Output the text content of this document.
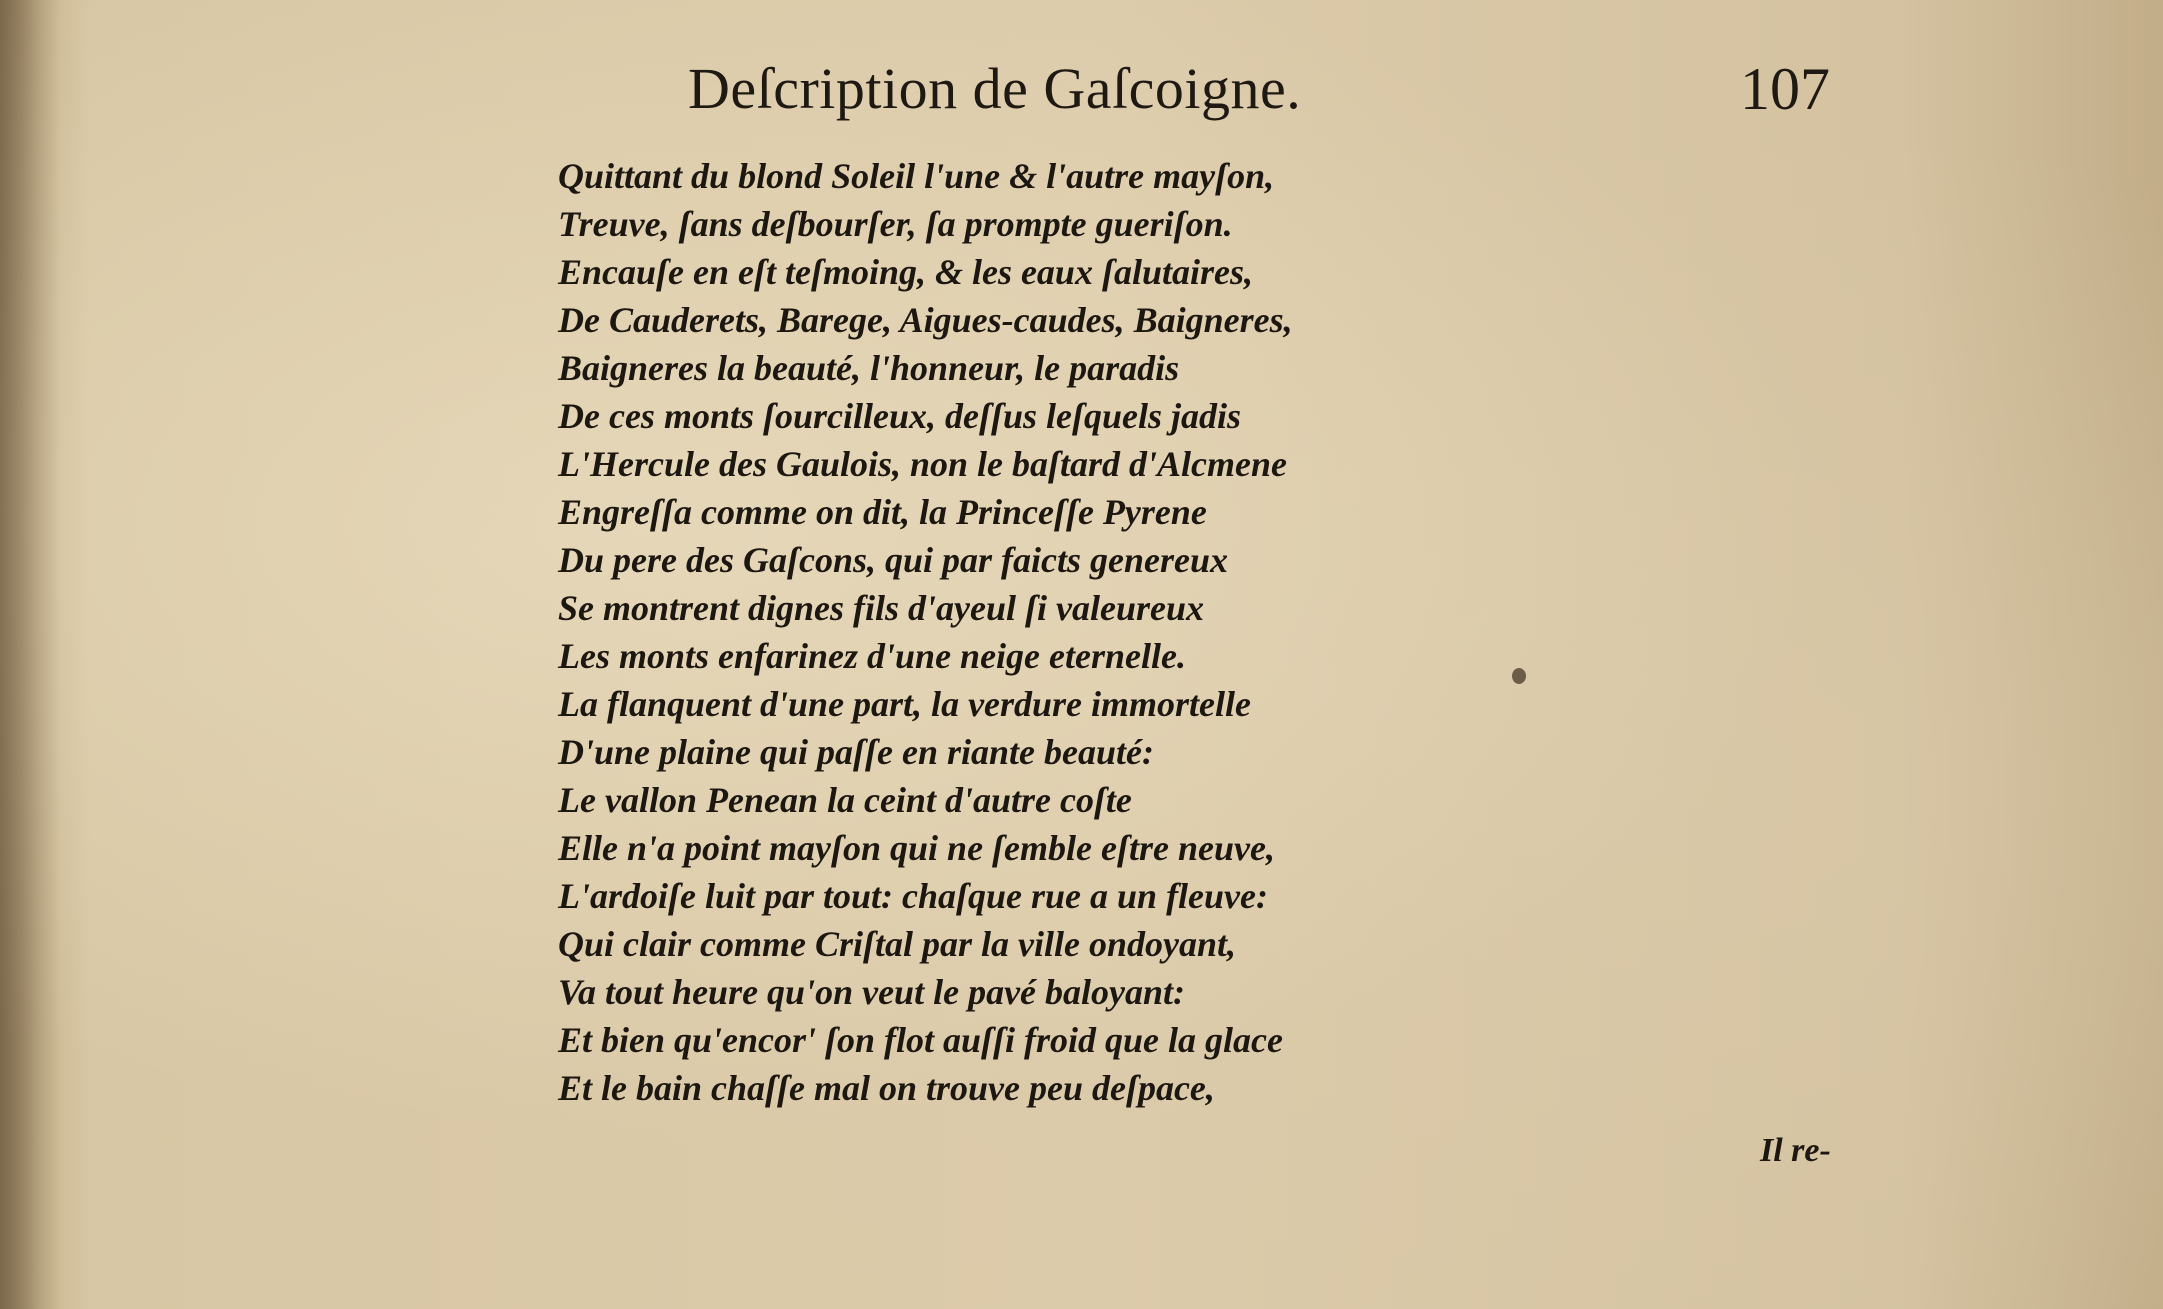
Deſcription de Gaſcoigne.	107
Quittant du blond Soleil l'une & l'autre mayſon,
Treuve, ſans deſbourſer, ſa prompte gueriſon.
Encauſe en eſt teſmoing, & les eaux ſalutaires,
De Cauderets, Barege, Aigues-caudes, Baigneres,
Baigneres la beauté, l'honneur, le paradis
De ces monts ſourcilleux, deſſus leſquels jadis
L'Hercule des Gaulois, non le baſtard d'Alcmene
Engreſſa comme on dit, la Princeſſe Pyrene
Du pere des Gaſcons, qui par faicts genereux
Se montrent dignes fils d'ayeul ſi valeureux
Les monts enfarinez d'une neige eternelle.
La flanquent d'une part, la verdure immortelle
D'une plaine qui paſſe en riante beauté:
Le vallon Penean la ceint d'autre coſte
Elle n'a point mayſon qui ne ſemble eſtre neuve,
L'ardoiſe luit par tout: chaſque rue a un fleuve:
Qui clair comme Criſtal par la ville ondoyant,
Va tout heure qu'on veut le pavé baloyant:
Et bien qu'encor' ſon flot auſſi froid que la glace
Et le bain chaſſe mal on trouve peu deſpace,
Il re-
